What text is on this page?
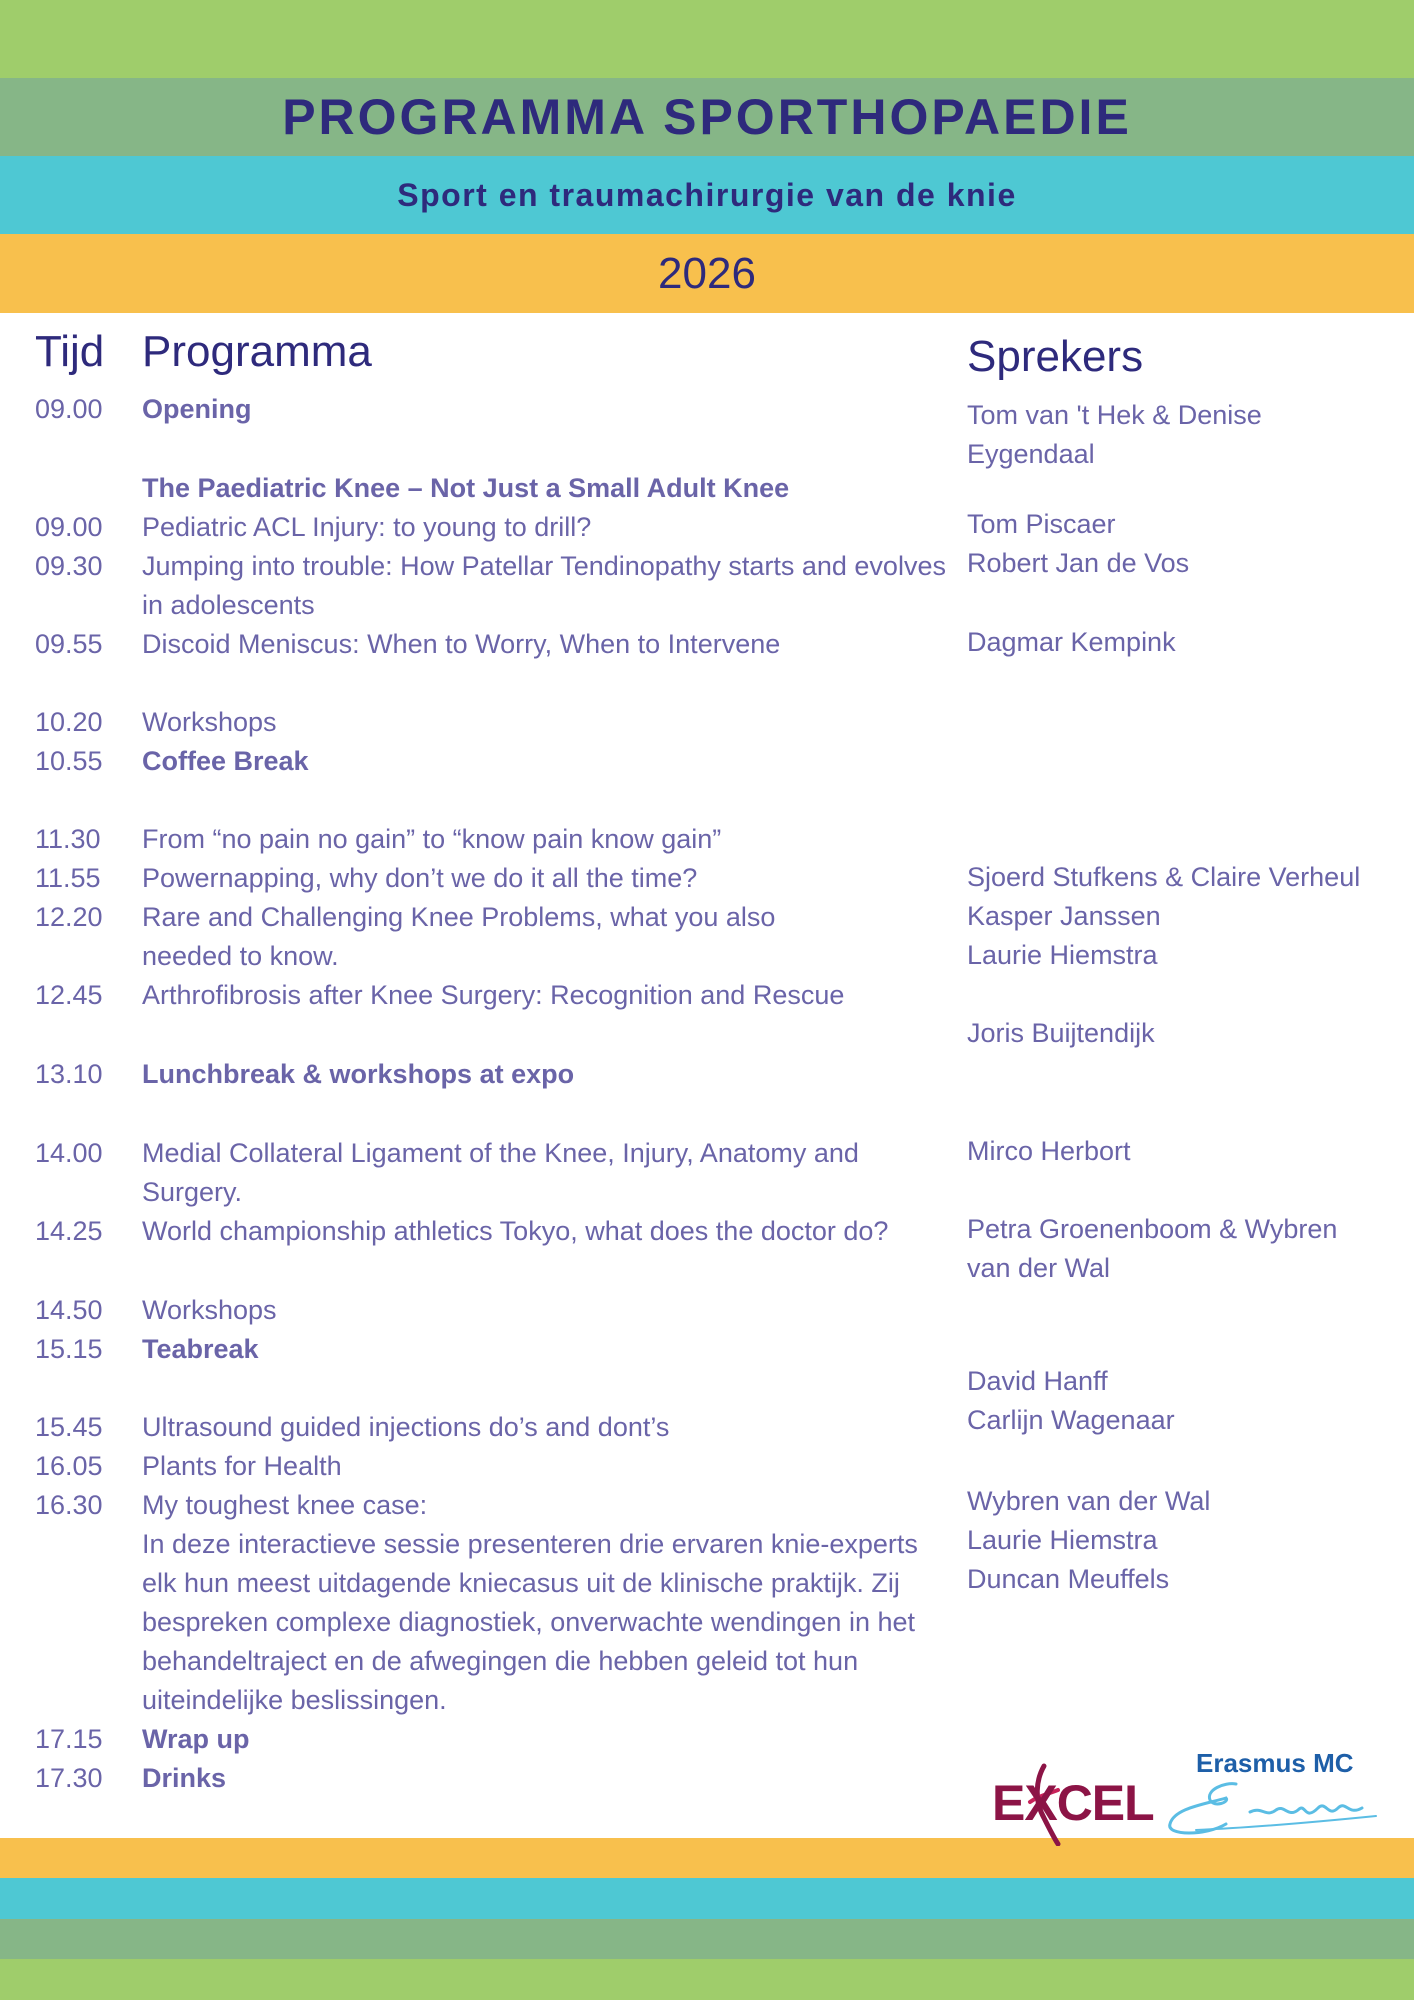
PROGRAMMA SPORTHOPAEDIE
Sport en traumachirurgie van de knie
2026
Tijd Programma	Sprekers
09.00 Opening
The Paediatric Knee – Not Just a Small Adult Knee
09.00 Pediatric ACL Injury: to young to drill?
09.30 Jumping into trouble: How Patellar Tendinopathy starts and evolves in adolescents
09.55 Discoid Meniscus: When to Worry, When to Intervene
10.20 Workshops
10.55 Coffee Break
11.30 From “no pain no gain” to “know pain know gain”
11.55 Powernapping, why don’t we do it all the time?
12.20 Rare and Challenging Knee Problems, what you also needed to know.
12.45 Arthrofibrosis after Knee Surgery: Recognition and Rescue
13.10 Lunchbreak & workshops at expo
14.00 Medial Collateral Ligament of the Knee, Injury, Anatomy and Surgery.
14.25 World championship athletics Tokyo, what does the doctor do?
14.50 Workshops
15.15 Teabreak
15.45 Ultrasound guided injections do’s and dont’s
16.05 Plants for Health
16.30 My toughest knee case:
In deze interactieve sessie presenteren drie ervaren knie-experts elk hun meest uitdagende kniecasus uit de klinische praktijk. Zij bespreken complexe diagnostiek, onverwachte wendingen in het behandeltraject en de afwegingen die hebben geleid tot hun uiteindelijke beslissingen.
17.15 Wrap up
17.30 Drinks
Tom van 't Hek & Denise Eygendaal
Tom Piscaer
Robert Jan de Vos
Dagmar Kempink
Sjoerd Stufkens & Claire Verheul
Kasper Janssen
Laurie Hiemstra
Joris Buijtendijk
Mirco Herbort
Petra Groenenboom & Wybren van der Wal
David Hanff
Carlijn Wagenaar
Wybren van der Wal
Laurie Hiemstra
Duncan Meuffels
EXCEL
Erasmus MC
